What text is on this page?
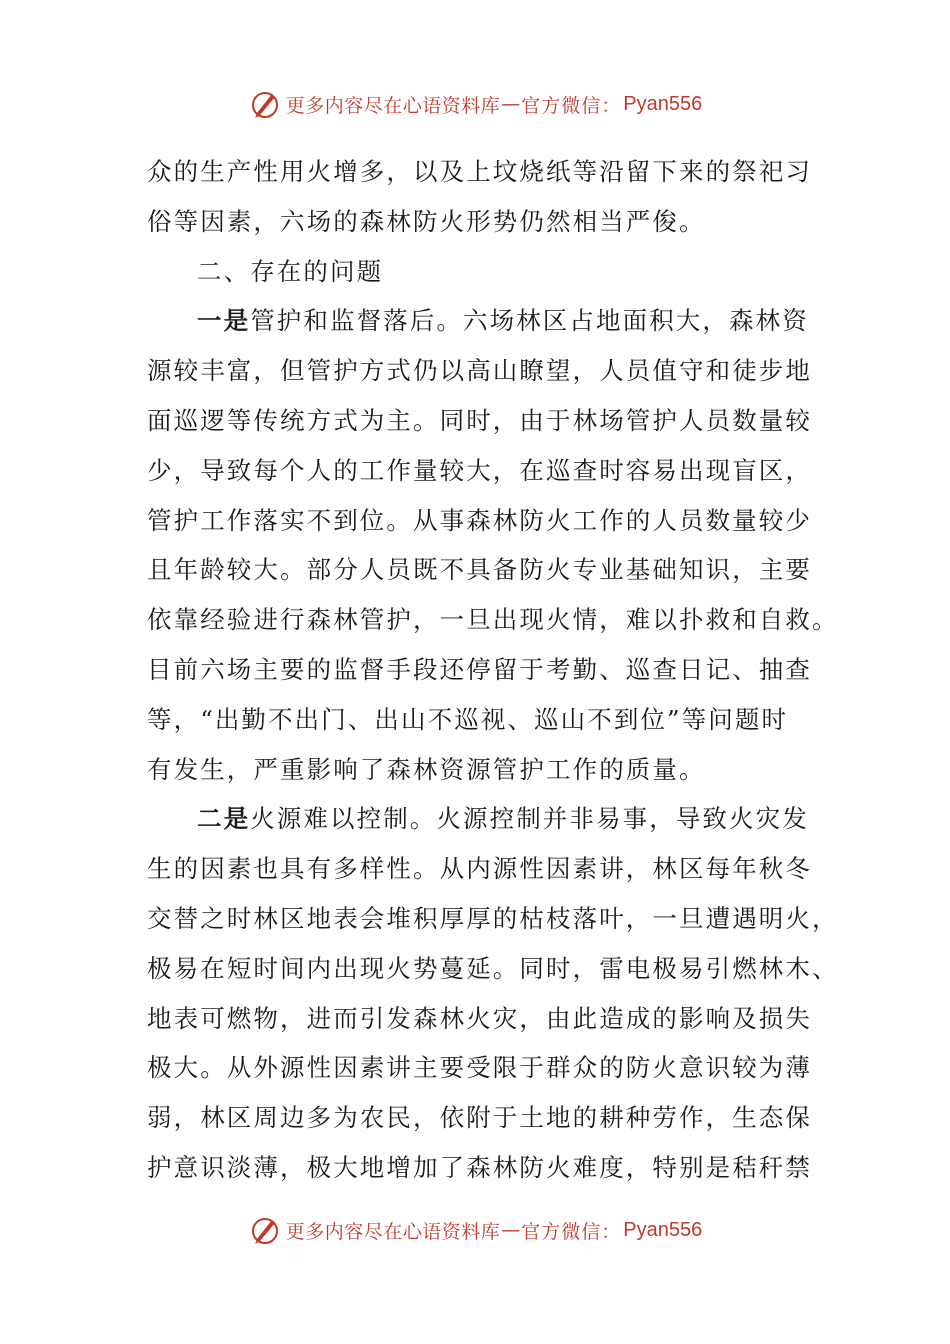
更多内容尽在心语资料库 — 官方微信： Pyan556
众的生产性用火增多，以及上坟烧纸等沿留下来的祭祀习
俗等因素，六场的森林防火形势仍然相当严俊。
二、存在的问题
一是管护和监督落后。六场林区占地面积大，森林资
源较丰富，但管护方式仍以高山瞭望，人员值守和徒步地
面巡逻等传统方式为主。同时，由于林场管护人员数量较
少，导致每个人的工作量较大，在巡查时容易出现盲区，
管护工作落实不到位。从事森林防火工作的人员数量较少
且年龄较大。部分人员既不具备防火专业基础知识，主要
依靠经验进行森林管护，一旦出现火情，难以扑救和自救。
目前六场主要的监督手段还停留于考勤、巡查日记、抽查
等，“出勤不出门、出山不巡视、巡山不到位”等问题时
有发生，严重影响了森林资源管护工作的质量。
二是火源难以控制。火源控制并非易事，导致火灾发
生的因素也具有多样性。从内源性因素讲，林区每年秋冬
交替之时林区地表会堆积厚厚的枯枝落叶，一旦遭遇明火，
极易在短时间内出现火势蔓延。同时，雷电极易引燃林木、
地表可燃物，进而引发森林火灾，由此造成的影响及损失
极大。从外源性因素讲主要受限于群众的防火意识较为薄
弱，林区周边多为农民，依附于土地的耕种劳作，生态保
护意识淡薄，极大地增加了森林防火难度，特别是秸秆禁
更多内容尽在心语资料库 — 官方微信： Pyan556
